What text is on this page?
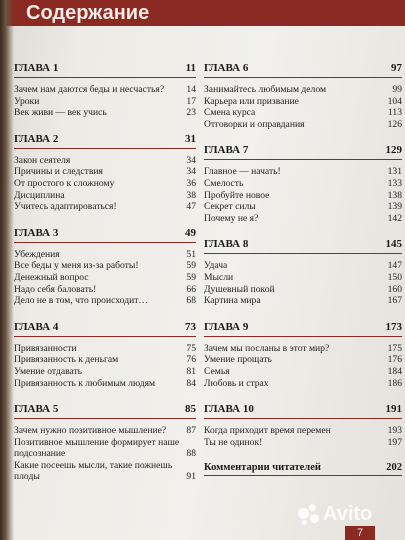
Содержание
ГЛАВА 1	11
Зачем нам даются беды и несчастья?	14
Уроки	17
Век живи — век учись	23
ГЛАВА 2	31
Закон сеятеля	34
Причины и следствия	34
От простого к сложному	36
Дисциплина	38
Учитесь адаптироваться!	47
ГЛАВА 3	49
Убеждения	51
Все беды у меня из-за работы!	59
Денежный вопрос	59
Надо себя баловать!	66
Дело не в том, что происходит…	68
ГЛАВА 4	73
Привязанности	75
Привязанность к деньгам	76
Умение отдавать	81
Привязанность к любимым людям	84
ГЛАВА 5	85
Зачем нужно позитивное мышление?	87
Позитивное мышление формирует наше подсознание	88
Какие посеешь мысли, такие пожнешь плоды	91
ГЛАВА 6	97
Занимайтесь любимым делом	99
Карьера или призвание	104
Смена курса	113
Отговорки и оправдания	126
ГЛАВА 7	129
Главное — начать!	131
Смелость	133
Пробуйте новое	138
Секрет силы	139
Почему не я?	142
ГЛАВА 8	145
Удача	147
Мысли	150
Душевный покой	160
Картина мира	167
ГЛАВА 9	173
Зачем мы посланы в этот мир?	175
Умение прощать	176
Семья	184
Любовь и страх	186
ГЛАВА 10	191
Когда приходит время перемен	193
Ты не одинок!	197
Комментарии читателей	202
Avito
7
